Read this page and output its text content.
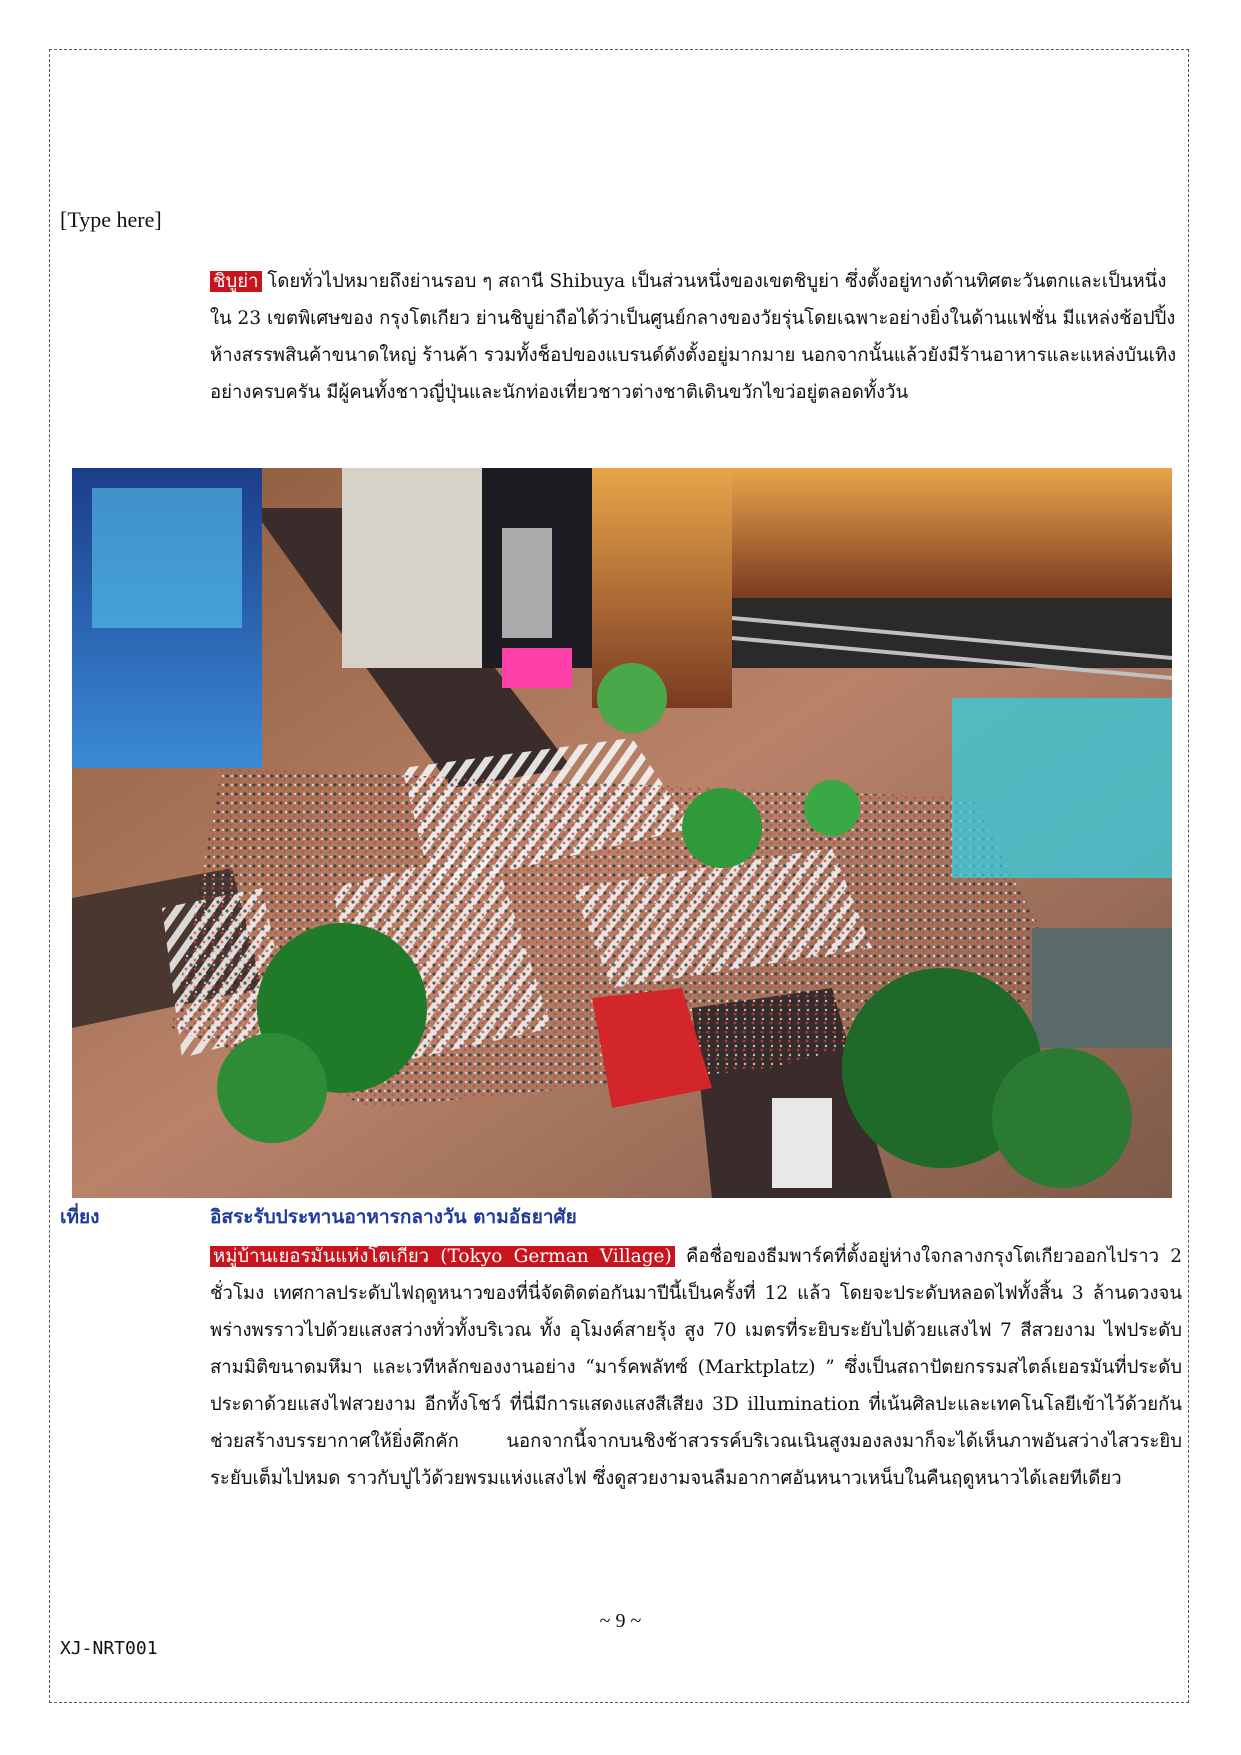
[Type here]

ชิบูย่า โดยทั่วไปหมายถึงย่านรอบ ๆ สถานี Shibuya เป็นส่วนหนึ่งของเขตชิบูย่า ซึ่งตั้งอยู่ทางด้านทิศตะวันตกและเป็นหนึ่งใน 23 เขตพิเศษของ กรุงโตเกียว ย่านชิบูย่าถือได้ว่าเป็นศูนย์กลางของวัยรุ่นโดยเฉพาะอย่างยิ่งในด้านแฟชั่น มีแหล่งช้อปปิ้ง ห้างสรรพสินค้าขนาดใหญ่ ร้านค้า รวมทั้งช็อปของแบรนด์ดังตั้งอยู่มากมาย นอกจากนั้นแล้วยังมีร้านอาหารและแหล่งบันเทิงอย่างครบครัน มีผู้คนทั้งชาวญี่ปุ่นและนักท่องเที่ยวชาวต่างชาติเดินขวักไขว่อยู่ตลอดทั้งวัน

เที่ยง	อิสระรับประทานอาหารกลางวัน ตามอัธยาศัย

หมู่บ้านเยอรมันแห่งโตเกียว (Tokyo German Village) คือชื่อของธีมพาร์คที่ตั้งอยู่ห่างใจกลางกรุงโตเกียวออกไปราว 2 ชั่วโมง เทศกาลประดับไฟฤดูหนาวของที่นี่จัดติดต่อกันมาปีนี้เป็นครั้งที่ 12 แล้ว โดยจะประดับหลอดไฟทั้งสิ้น 3 ล้านดวงจนพร่างพรราวไปด้วยแสงสว่างทั่วทั้งบริเวณ ทั้ง อุโมงค์สายรุ้ง สูง 70 เมตรที่ระยิบระยับไปด้วยแสงไฟ 7 สีสวยงาม ไฟประดับสามมิติขนาดมหึมา และเวทีหลักของงานอย่าง “มาร์คพลัทซ์ (Marktplatz) ” ซึ่งเป็นสถาปัตยกรรมสไตล์เยอรมันที่ประดับประดาด้วยแสงไฟสวยงาม อีกทั้งโชว์ ที่นี่มีการแสดงแสงสีเสียง 3D illumination ที่เน้นศิลปะและเทคโนโลยีเข้าไว้ด้วยกันช่วยสร้างบรรยากาศให้ยิ่งคึกคัก นอกจากนี้จากบนชิงช้าสวรรค์บริเวณเนินสูงมองลงมาก็จะได้เห็นภาพอันสว่างไสวระยิบระยับเต็มไปหมด ราวกับปูไว้ด้วยพรมแห่งแสงไฟ ซึ่งดูสวยงามจนลืมอากาศอันหนาวเหน็บในคืนฤดูหนาวได้เลยทีเดียว

~ 9 ~
XJ-NRT001
